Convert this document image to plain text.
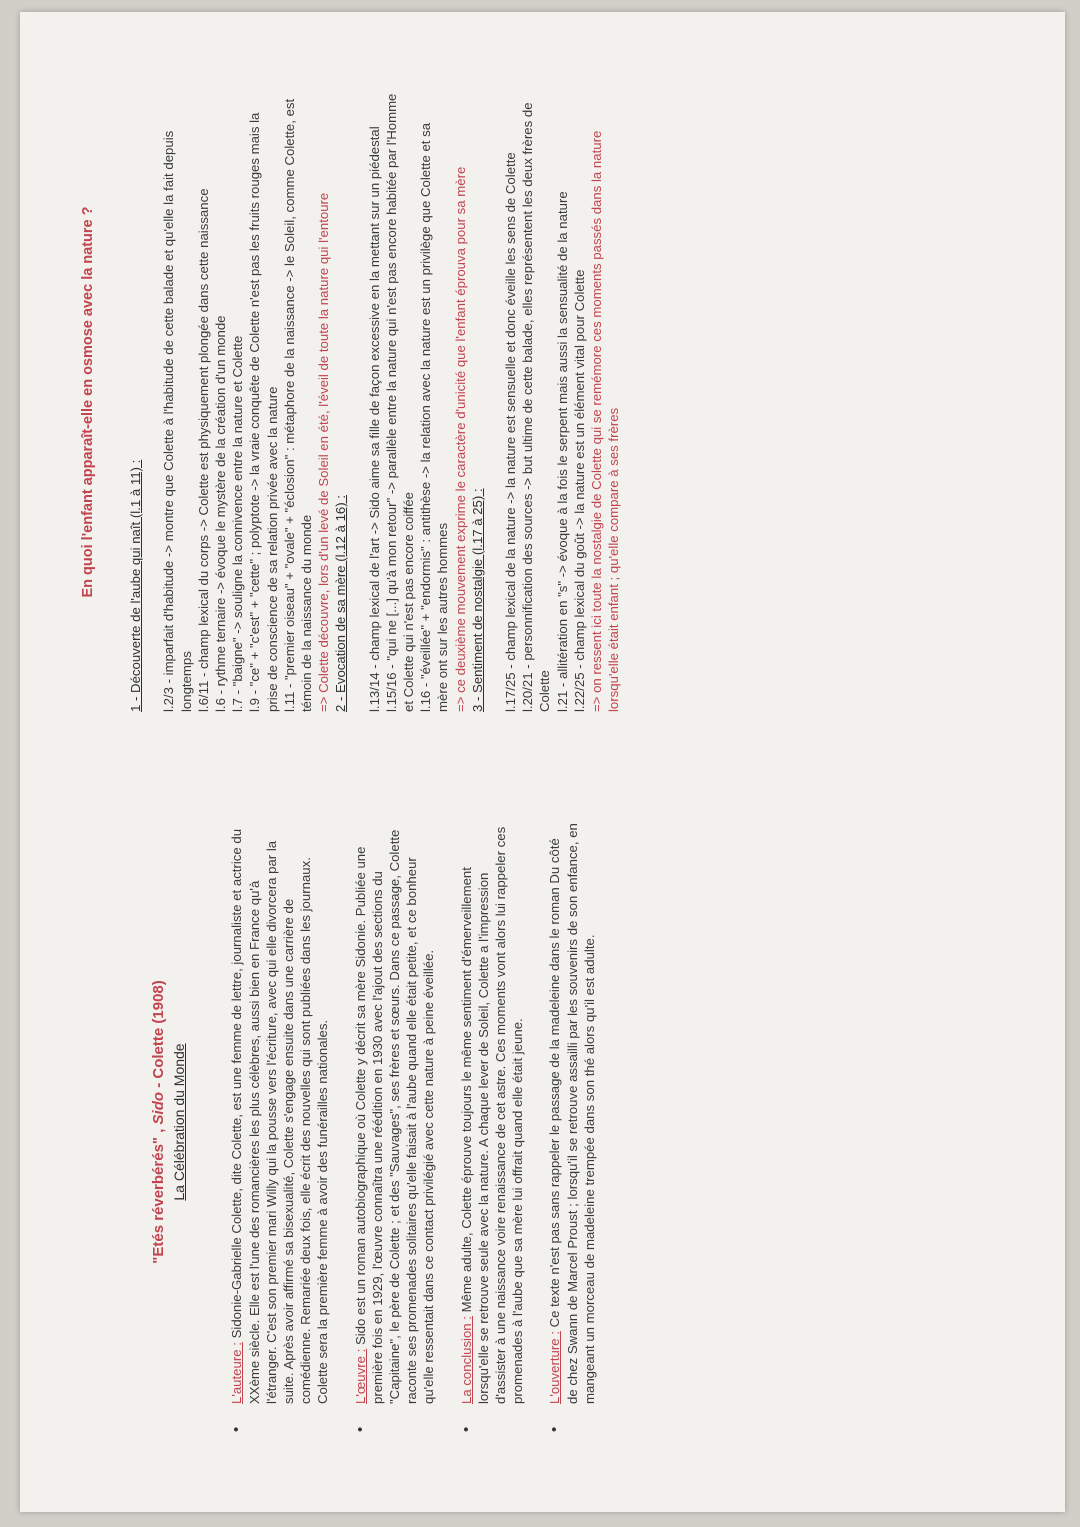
"Etés réverbérés" , Sido - Colette (1908)
La Célébration du Monde
• L'auteure : Sidonie-Gabrielle Colette, dite Colette, est une femme de lettre, journaliste et actrice du XXème siècle. Elle est l'une des romancières les plus célèbres, aussi bien en France qu'à l'étranger. C'est son premier mari Willy qui la pousse vers l'écriture, avec qui elle divorcera par la suite. Après avoir affirmé sa bisexualité, Colette s'engage ensuite dans une carrière de comédienne. Remariée deux fois, elle écrit des nouvelles qui sont publiées dans les journaux. Colette sera la première femme à avoir des funérailles nationales. • L'œuvre : Sido est un roman autobiographique où Colette y décrit sa mère Sidonie. Publiée une première fois en 1929, l'œuvre connaîtra une réédition en 1930 avec l'ajout des sections du "Capitaine", le père de Colette ; et des "Sauvages", ses frères et sœurs. Dans ce passage, Colette raconte ses promenades solitaires qu'elle faisait à l'aube quand elle était petite, et ce bonheur qu'elle ressentait dans ce contact privilégié avec cette nature à peine éveillée. • La conclusion : Même adulte, Colette éprouve toujours le même sentiment d'émerveillement lorsqu'elle se retrouve seule avec la nature. A chaque lever de Soleil, Colette a l'impression d'assister à une naissance voire renaissance de cet astre. Ces moments vont alors lui rappeler ces promenades à l'aube que sa mère lui offrait quand elle était jeune. • L'ouverture : Ce texte n'est pas sans rappeler le passage de la madeleine dans le roman Du côté de chez Swann de Marcel Proust ; lorsqu'il se retrouve assailli par les souvenirs de son enfance, en mangeant un morceau de madeleine trempée dans son thé alors qu'il est adulte.
En quoi l'enfant apparaît-elle en osmose avec la nature ? 1 - Découverte de l'aube qui naît (l.1 à 11) : l.2/3 - imparfait d'habitude -> montre que Colette à l'habitude de cette balade et qu'elle la fait depuis longtemps l.6/11 - champ lexical du corps -> Colette est physiquement plongée dans cette naissance l.6 - rythme ternaire -> évoque le mystère de la création d'un monde l.7 - "baigne" -> souligne la connivence entre la nature et Colette l.9 - "ce" + "c'est" + "cette" ; polyptote -> la vraie conquête de Colette n'est pas les fruits rouges mais la prise de conscience de sa relation privée avec la nature l.11 - "premier oiseau" + "ovale" + "éclosion" : métaphore de la naissance -> le Soleil, comme Colette, est témoin de la naissance du monde => Colette découvre, lors d'un levé de Soleil en été, l'éveil de toute la nature qui l'entoure 2 - Evocation de sa mère (l.12 à 16) : l.13/14 - champ lexical de l'art -> Sido aime sa fille de façon excessive en la mettant sur un piédestal l.15/16 - "qui ne [...] qu'à mon retour" -> parallèle entre la nature qui n'est pas encore habitée par l'Homme et Colette qui n'est pas encore coiffée l.16 - "éveillée" + "endormis" : antithèse -> la relation avec la nature est un privilège que Colette et sa mère ont sur les autres hommes => ce deuxième mouvement exprime le caractère d'unicité que l'enfant éprouva pour sa mère 3 - Sentiment de nostalgie (l.17 à 25) : l.17/25 - champ lexical de la nature -> la nature est sensuelle et donc éveille les sens de Colette l.20/21 - personnification des sources -> but ultime de cette balade, elles représentent les deux frères de Colette l.21 - allitération en "s" -> évoque à la fois le serpent mais aussi la sensualité de la nature l.22/25 - champ lexical du goût -> la nature est un élément vital pour Colette => on ressent ici toute la nostalgie de Colette qui se remémore ces moments passés dans la nature lorsqu'elle était enfant ; qu'elle compare à ses frères
